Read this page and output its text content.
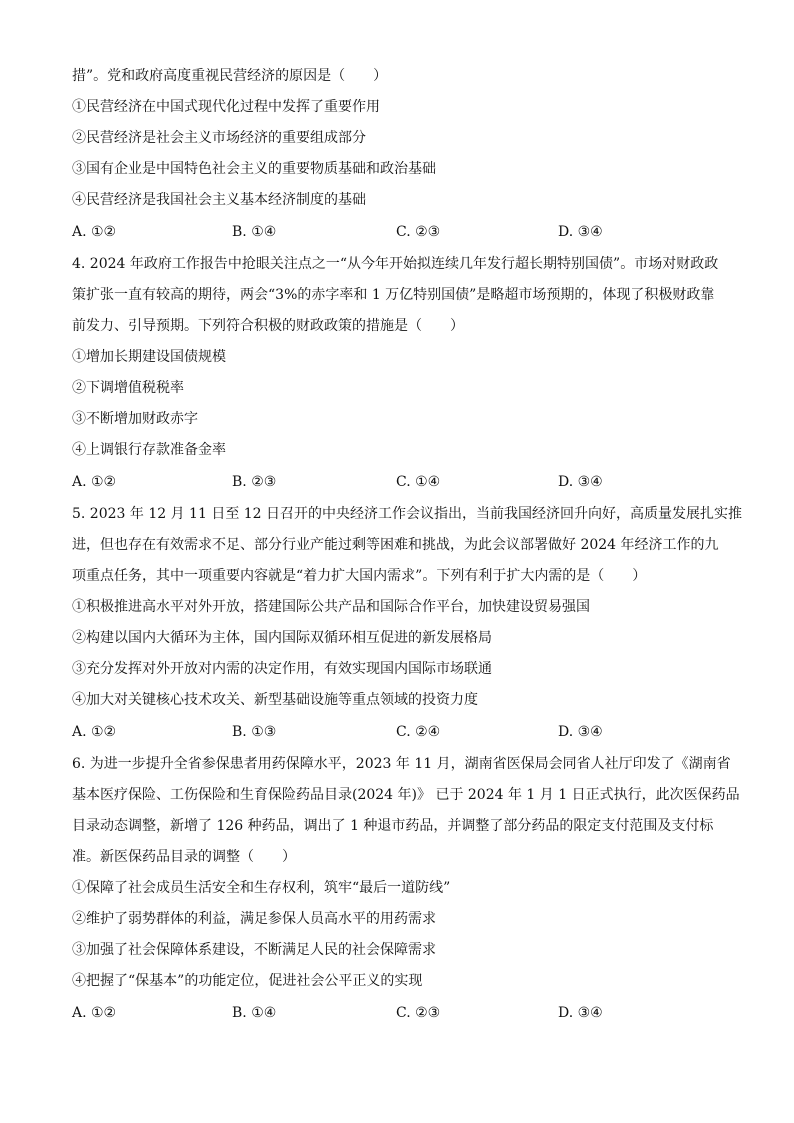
措”。党和政府高度重视民营经济的原因是（　　）
①民营经济在中国式现代化过程中发挥了重要作用
②民营经济是社会主义市场经济的重要组成部分
③国有企业是中国特色社会主义的重要物质基础和政治基础
④民营经济是我国社会主义基本经济制度的基础
A. ①②	B. ①④	C. ②③	D. ③④
4. 2024 年政府工作报告中抢眼关注点之一“从今年开始拟连续几年发行超长期特别国债”。市场对财政政
策扩张一直有较高的期待，两会“3%的赤字率和 1 万亿特别国债”是略超市场预期的，体现了积极财政靠
前发力、引导预期。下列符合积极的财政政策的措施是（　　）
①增加长期建设国债规模
②下调增值税税率
③不断增加财政赤字
④上调银行存款准备金率
A. ①②	B. ②③	C. ①④	D. ③④
5. 2023 年 12 月 11 日至 12 日召开的中央经济工作会议指出，当前我国经济回升向好，高质量发展扎实推
进，但也存在有效需求不足、部分行业产能过剩等困难和挑战，为此会议部署做好 2024 年经济工作的九
项重点任务，其中一项重要内容就是“着力扩大国内需求”。下列有利于扩大内需的是（　　）
①积极推进高水平对外开放，搭建国际公共产品和国际合作平台，加快建设贸易强国
②构建以国内大循环为主体，国内国际双循环相互促进的新发展格局
③充分发挥对外开放对内需的决定作用，有效实现国内国际市场联通
④加大对关键核心技术攻关、新型基础设施等重点领域的投资力度
A. ①②	B. ①③	C. ②④	D. ③④
6. 为进一步提升全省参保患者用药保障水平，2023 年 11 月，湖南省医保局会同省人社厅印发了《湖南省
基本医疗保险、工伤保险和生育保险药品目录(2024 年)》 已于 2024 年 1 月 1 日正式执行，此次医保药品
目录动态调整，新增了 126 种药品，调出了 1 种退市药品，并调整了部分药品的限定支付范围及支付标
准。新医保药品目录的调整（　　）
①保障了社会成员生活安全和生存权利，筑牢“最后一道防线”
②维护了弱势群体的利益，满足参保人员高水平的用药需求
③加强了社会保障体系建设，不断满足人民的社会保障需求
④把握了“保基本”的功能定位，促进社会公平正义的实现
A. ①②	B. ①④	C. ②③	D. ③④
